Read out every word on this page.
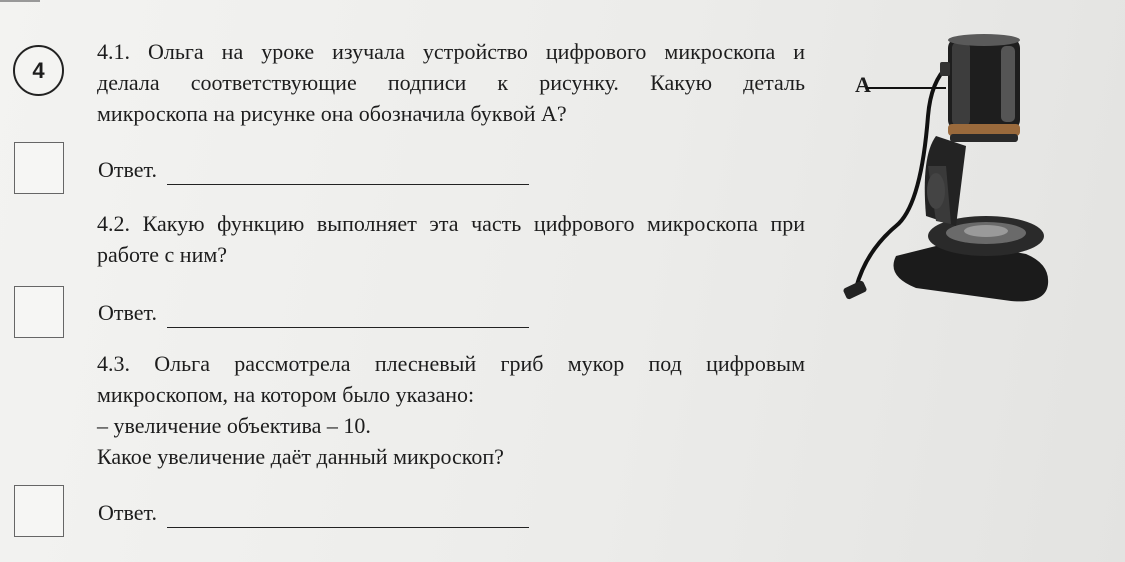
4

4.1. Ольга на уроке изучала устройство цифрового микроскопа и

делала соответствующие подписи к рисунку. Какую деталь

микроскопа на рисунке она обозначила буквой А?

Ответ.

4.2. Какую функцию выполняет эта часть цифрового микроскопа при

работе с ним?

Ответ.

4.3. Ольга рассмотрела плесневый гриб мукор под цифровым

микроскопом, на котором было указано:

– увеличение объектива – 10.

Какое увеличение даёт данный микроскоп?

Ответ.
А
